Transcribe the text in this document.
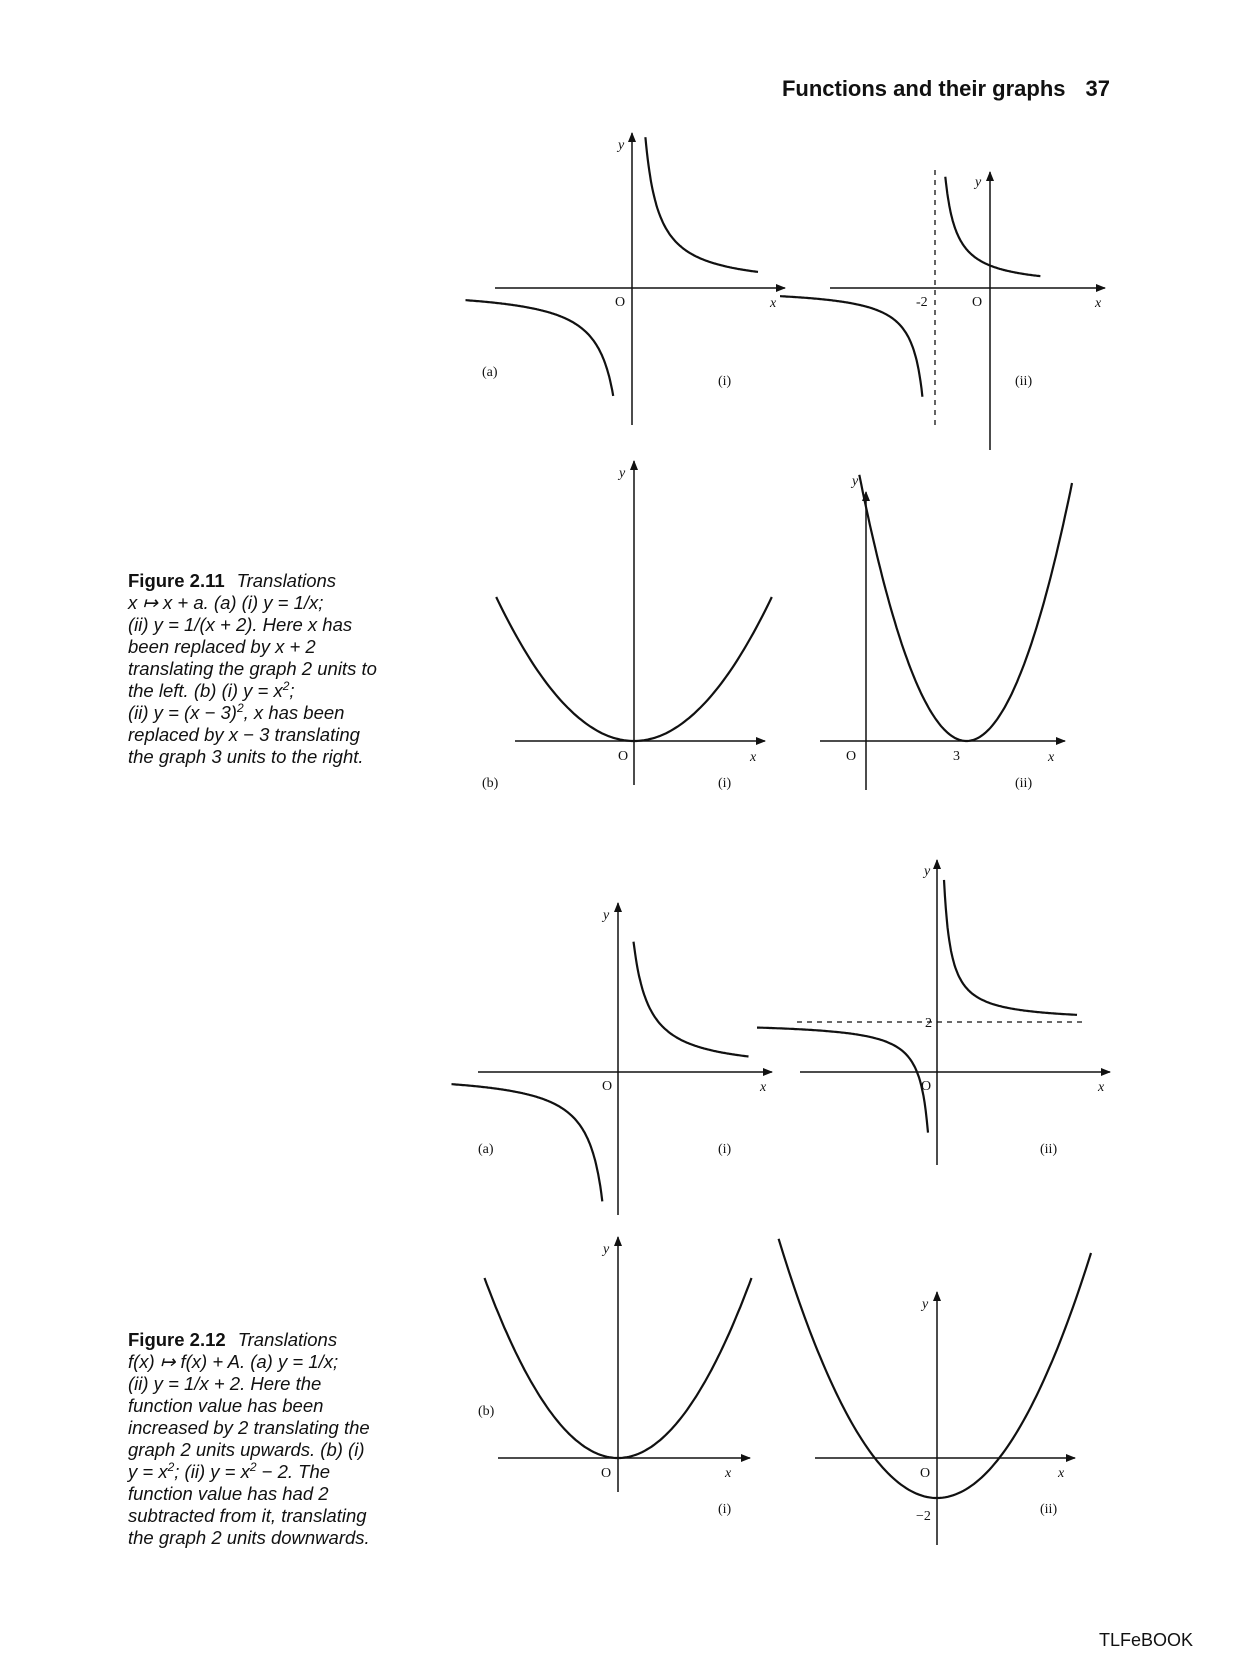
Functions and their graphs 37
Figure 2.11 Translations
x ↦ x + a. (a) (i) y = 1/x;
(ii) y = 1/(x + 2). Here x has
been replaced by x + 2
translating the graph 2 units to
the left. (b) (i) $y = x^2$;
(ii) $y = (x - 3)^2$, x has been
replaced by x − 3 translating
the graph 3 units to the right.
Figure 2.12 Translations
f(x) ↦ f(x) + A. (a) y = 1/x;
(ii) y = 1/x + 2. Here the
function value has been
increased by 2 translating the
graph 2 units upwards. (b) (i)
$y = x^2$; (ii) $y = x^2 - 2$. The
function value has had 2
subtracted from it, translating
the graph 2 units downwards.
y
O	x
(a)
(i)
y
-2	O	x
(ii)
y
O	x
(b)	(i)
y
O	3	x
(ii)
y
O	x
(a)	(i)
y
2
O	x
(ii)
y
O	x
(b)
(i)
y
O
−2
x
(ii)
TLFeBOOK
